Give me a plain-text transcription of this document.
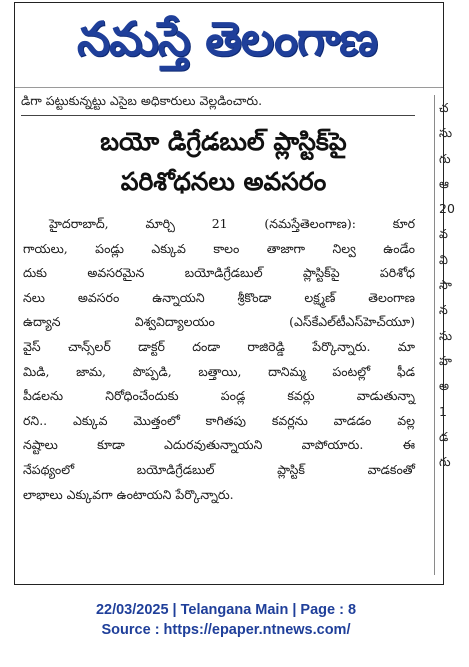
నమస్తే తెలంగాణ
డిగా పట్టుకున్నట్టు ఎసైబ అధికారులు వెల్లడించారు.
బయో డిగ్రేడబుల్ ప్లాస్టిక్‌పై
పరిశోధనలు అవసరం
హైదరాబాద్, మార్చి 21 (నమస్తేతెలంగాణ): కూర
గాయలు, పండ్లు ఎక్కువ కాలం తాజాగా నిల్వ ఉండేం
దుకు అవసరమైన బయోడిగ్రేడబుల్ ప్లాస్టిక్‌పై పరిశోధ
నలు అవసరం ఉన్నాయని శ్రీకొండా లక్ష్మణ్ తెలంగాణ
ఉద్యాన విశ్వవిద్యాలయం (ఎస్‌కేఎల్‌టీఎస్‌హెచ్‌యూ)
వైస్ చాన్స్‌లర్ డాక్టర్ దండా రాజిరెడ్డి పేర్కొన్నారు. మా
మిడి, జామ, పొప్పడి, బత్తాయి, దానిమ్మ పంటల్లో ఫీడ
పీడలను నిరోధించేందుకు పండ్ల కవర్లు వాడుతున్నా
రని.. ఎక్కువ మొత్తంలో కాగితపు కవర్లను వాడడం వల్ల
నష్టాలు కూడా ఎదురవుతున్నాయని వాపోయారు. ఈ
నేపథ్యంలో బయోడిగ్రేడబుల్ ప్లాస్టిక్ వాడకంతో
లాభాలు ఎక్కువగా ఉంటాయని పేర్కొన్నారు.
చ
సు
గు
ఆ
20
వ
వి
సా
న
సు
హ
అ
1
డ
గు
22/03/2025 | Telangana Main | Page : 8
Source : https://epaper.ntnews.com/
